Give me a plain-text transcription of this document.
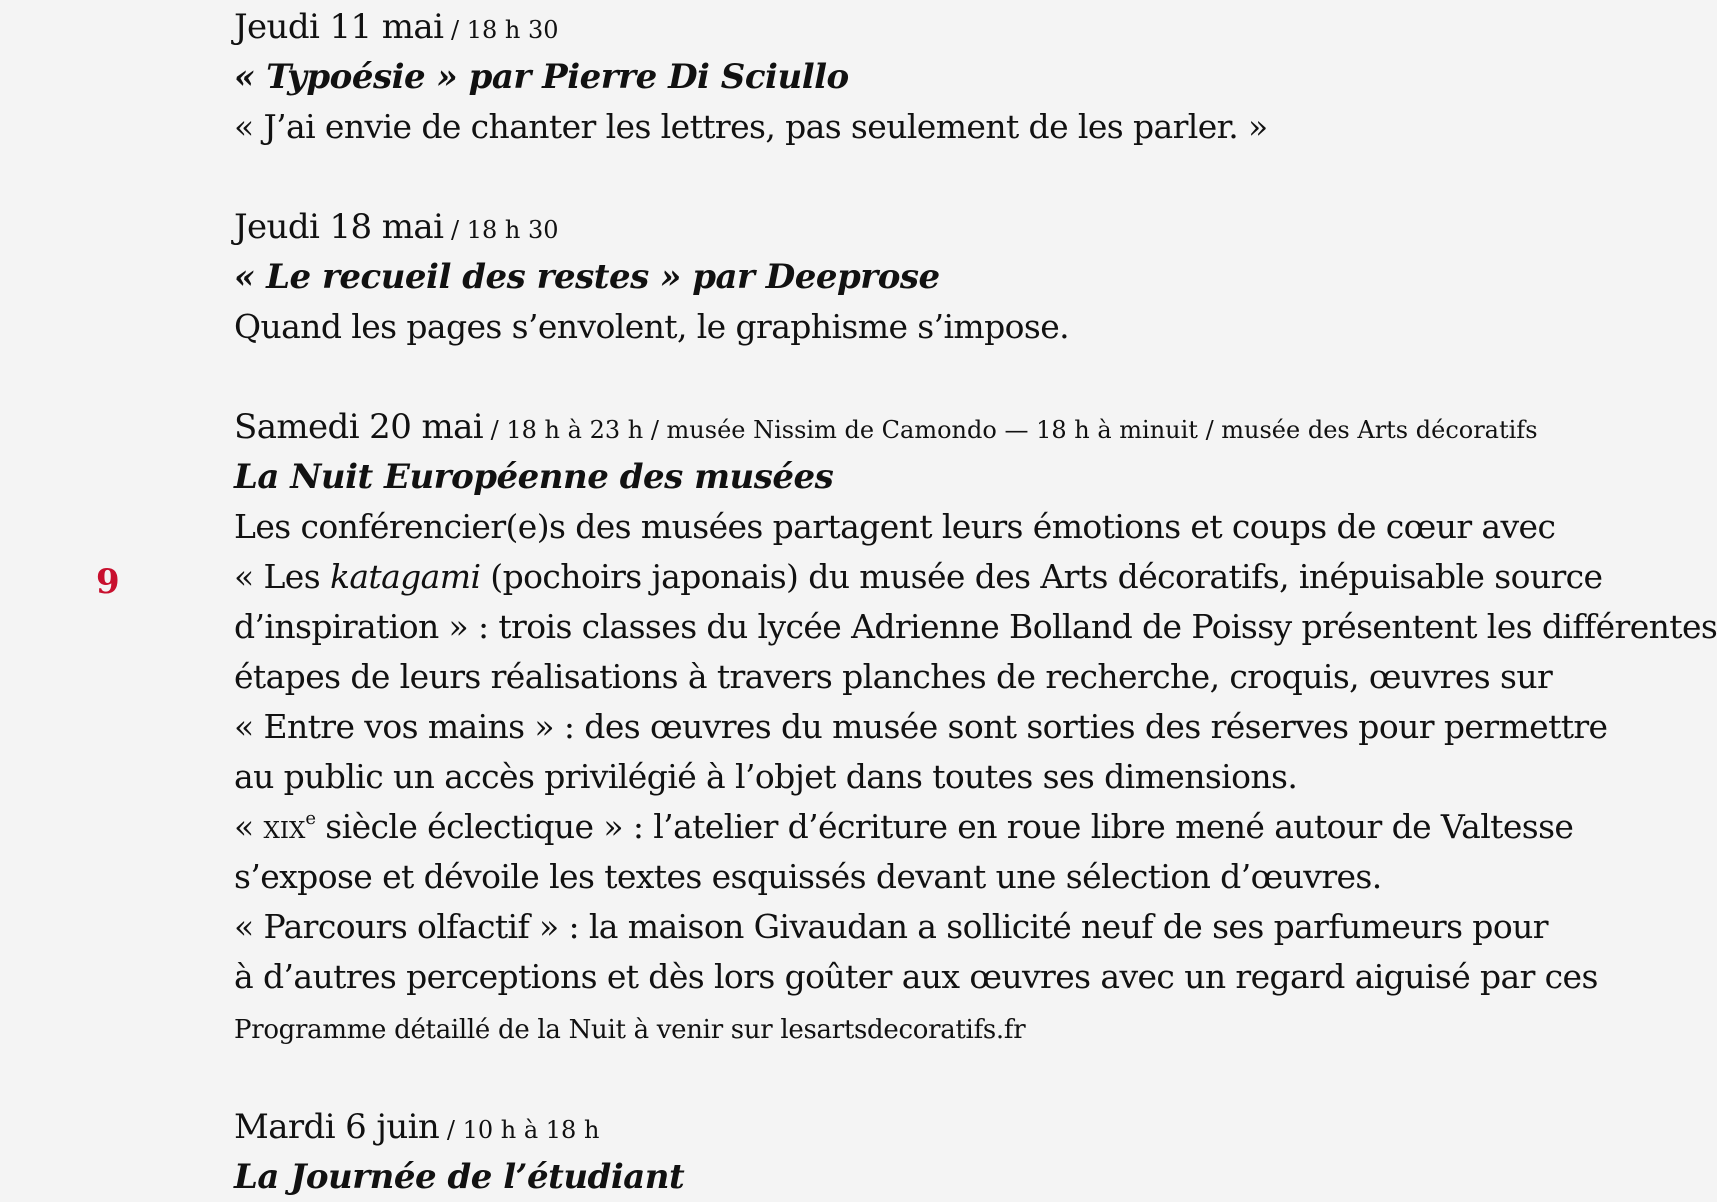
9

Jeudi 11 mai / 18 h 30

« Typoésie » par Pierre Di Sciullo

« J’ai envie de chanter les lettres, pas seulement de les parler. »

Jeudi 18 mai / 18 h 30

« Le recueil des restes » par Deeprose

Quand les pages s’envolent, le graphisme s’impose.

Samedi 20 mai / 18 h à 23 h / musée Nissim de Camondo — 18 h à minuit / musée des Arts décoratifs

La Nuit Européenne des musées

Les conférencier(e)s des musées partagent leurs émotions et coups de cœur avec

« Les katagami (pochoirs japonais) du musée des Arts décoratifs, inépuisable source

d’inspiration » : trois classes du lycée Adrienne Bolland de Poissy présentent les différentes

étapes de leurs réalisations à travers planches de recherche, croquis, œuvres sur

« Entre vos mains » : des œuvres du musée sont sorties des réserves pour permettre

au public un accès privilégié à l’objet dans toutes ses dimensions.

« xix$^e$ siècle éclectique » : l’atelier d’écriture en roue libre mené autour de Valtesse

s’expose et dévoile les textes esquissés devant une sélection d’œuvres.

« Parcours olfactif » : la maison Givaudan a sollicité neuf de ses parfumeurs pour

à d’autres perceptions et dès lors goûter aux œuvres avec un regard aiguisé par ces

Programme détaillé de la Nuit à venir sur lesartsdecoratifs.fr

Mardi 6 juin / 10 h à 18 h

La Journée de l’étudiant
